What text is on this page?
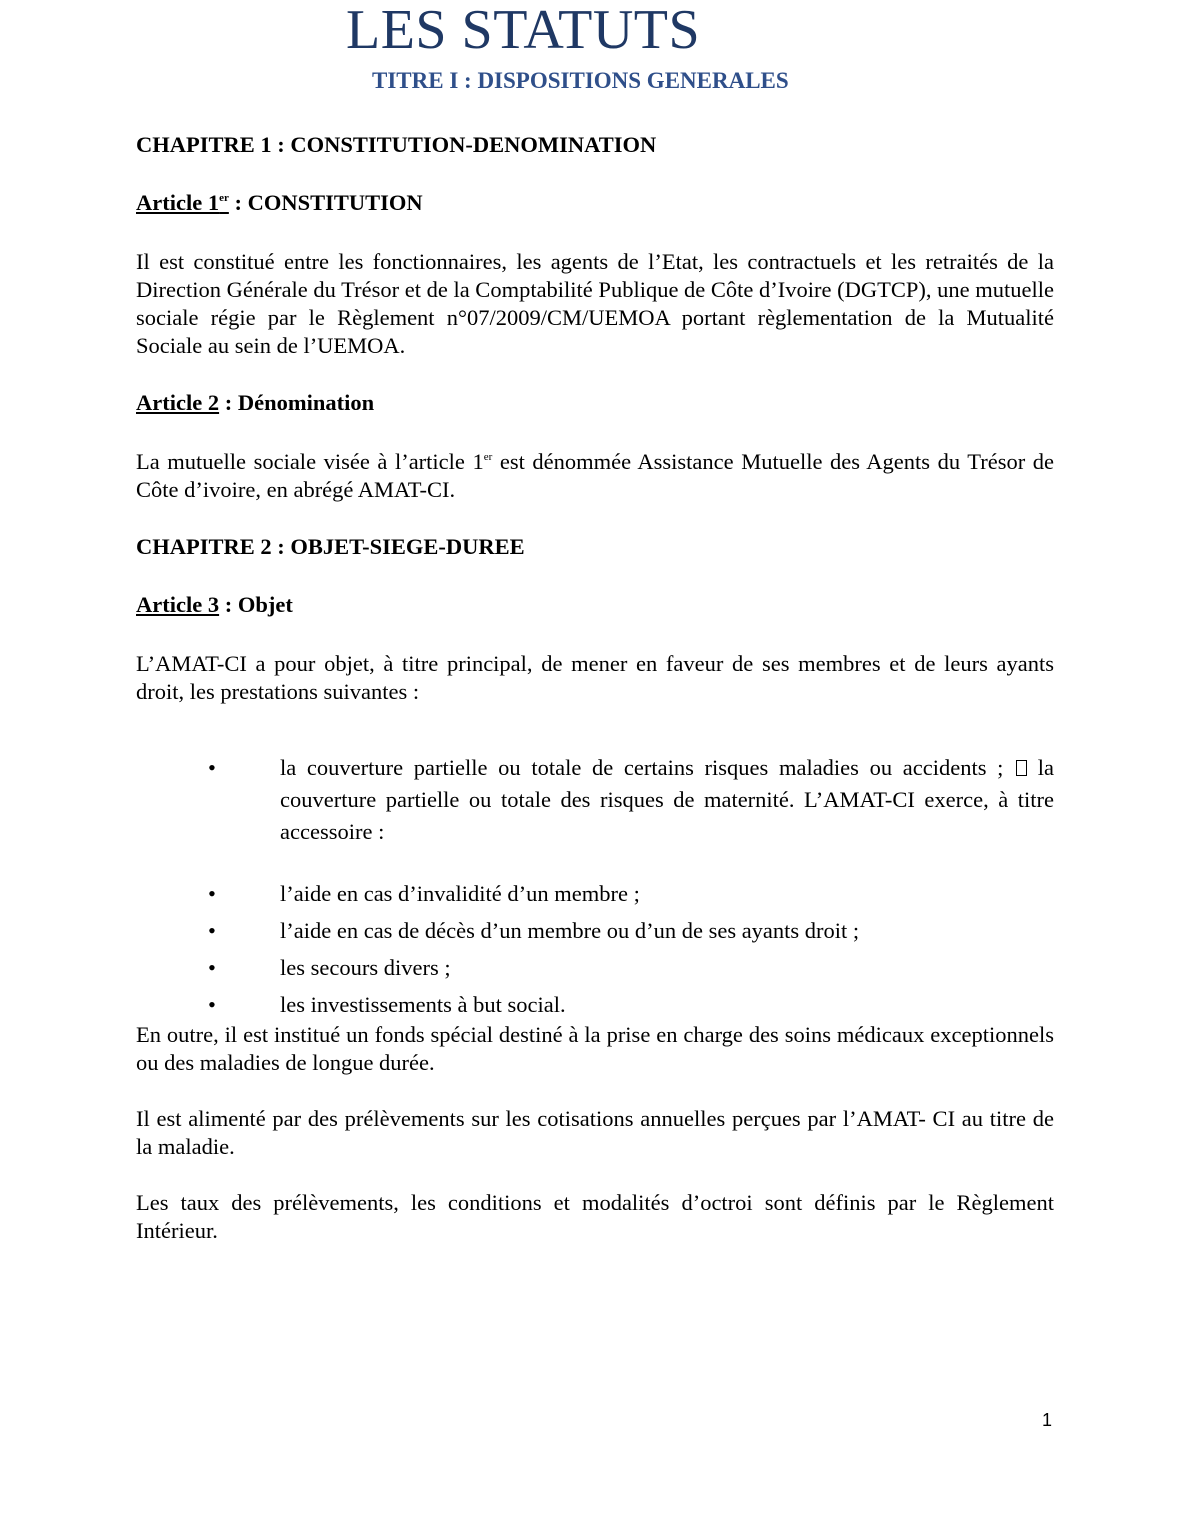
LES STATUTS
TITRE I : DISPOSITIONS GENERALES
CHAPITRE 1 : CONSTITUTION-DENOMINATION
Article 1er : CONSTITUTION

Il est constitué entre les fonctionnaires, les agents de l’Etat, les contractuels et les retraités de la Direction Générale du Trésor et de la Comptabilité Publique de Côte d’Ivoire (DGTCP), une mutuelle sociale régie par le Règlement n°07/2009/CM/UEMOA portant règlementation de la Mutualité Sociale au sein de l’UEMOA.

Article 2 : Dénomination

La mutuelle sociale visée à l’article 1er est dénommée Assistance Mutuelle des Agents du Trésor de Côte d’ivoire, en abrégé AMAT-CI.

CHAPITRE 2 : OBJET-SIEGE-DUREE
Article 3 : Objet

L’AMAT-CI a pour objet, à titre principal, de mener en faveur de ses membres et de leurs ayants droit, les prestations suivantes :

•	la couverture partielle ou totale de certains risques maladies ou accidents ; la couverture partielle ou totale des risques de maternité. L’AMAT-CI exerce, à titre accessoire :
•	l’aide en cas d’invalidité d’un membre ;
•	l’aide en cas de décès d’un membre ou d’un de ses ayants droit ;
•	les secours divers ;
•	les investissements à but social.

En outre, il est institué un fonds spécial destiné à la prise en charge des soins médicaux exceptionnels ou des maladies de longue durée.

Il est alimenté par des prélèvements sur les cotisations annuelles perçues par l’AMAT- CI au titre de la maladie.

Les taux des prélèvements, les conditions et modalités d’octroi sont définis par le Règlement Intérieur.

1
